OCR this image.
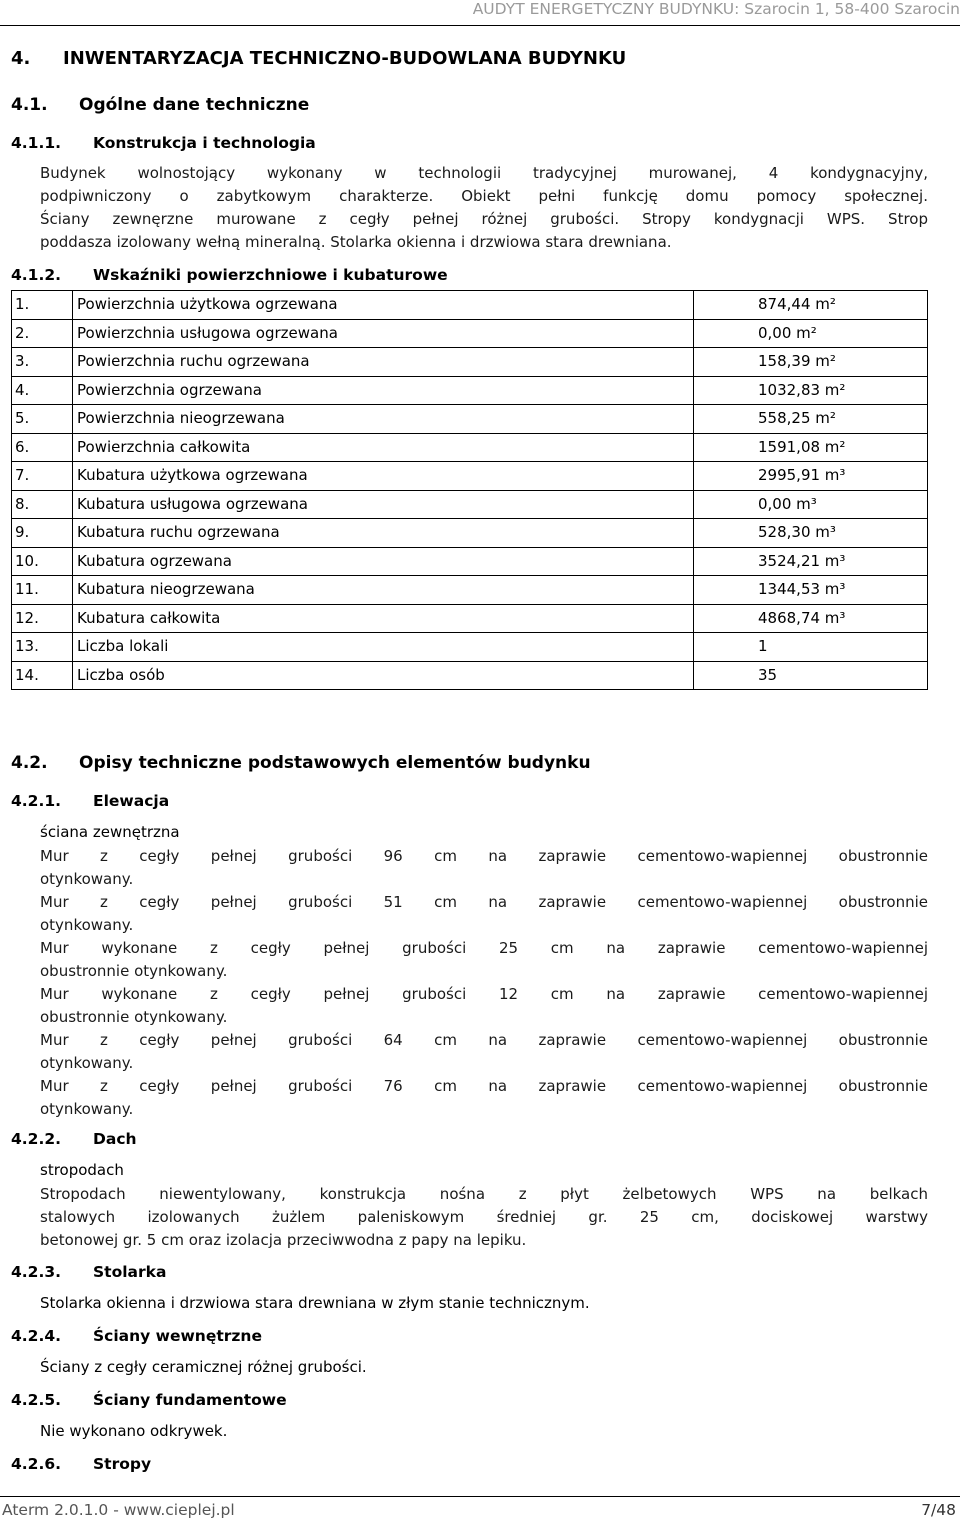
AUDYT ENERGETYCZNY BUDYNKU: Szarocin 1, 58-400 Szarocin
4. INWENTARYZACJA TECHNICZNO-BUDOWLANA BUDYNKU
4.1. Ogólne dane techniczne
4.1.1. Konstrukcja i technologia
Budynek wolnostojący wykonany w technologii tradycyjnej murowanej, 4 kondygnacyjny,
podpiwniczony o zabytkowym charakterze. Obiekt pełni funkcję domu pomocy społecznej.
Ściany zewnęrzne murowane z cegły pełnej różnej grubości. Stropy kondygnacji WPS. Strop
poddasza izolowany wełną mineralną. Stolarka okienna i drzwiowa stara drewniana.
4.1.2. Wskaźniki powierzchniowe i kubaturowe
1.	Powierzchnia użytkowa ogrzewana	874,44 m²
2.	Powierzchnia usługowa ogrzewana	0,00 m²
3.	Powierzchnia ruchu ogrzewana	158,39 m²
4.	Powierzchnia ogrzewana	1032,83 m²
5.	Powierzchnia nieogrzewana	558,25 m²
6.	Powierzchnia całkowita	1591,08 m²
7.	Kubatura użytkowa ogrzewana	2995,91 m³
8.	Kubatura usługowa ogrzewana	0,00 m³
9.	Kubatura ruchu ogrzewana	528,30 m³
10.	Kubatura ogrzewana	3524,21 m³
11.	Kubatura nieogrzewana	1344,53 m³
12.	Kubatura całkowita	4868,74 m³
13.	Liczba lokali	1
14.	Liczba osób	35
4.2. Opisy techniczne podstawowych elementów budynku
4.2.1. Elewacja
ściana zewnętrzna
Mur z cegły pełnej grubości 96 cm na zaprawie cementowo-wapiennej obustronnie
otynkowany.
Mur z cegły pełnej grubości 51 cm na zaprawie cementowo-wapiennej obustronnie
otynkowany.
Mur wykonane z cegły pełnej grubości 25 cm na zaprawie cementowo-wapiennej
obustronnie otynkowany.
Mur wykonane z cegły pełnej grubości 12 cm na zaprawie cementowo-wapiennej
obustronnie otynkowany.
Mur z cegły pełnej grubości 64 cm na zaprawie cementowo-wapiennej obustronnie
otynkowany.
Mur z cegły pełnej grubości 76 cm na zaprawie cementowo-wapiennej obustronnie
otynkowany.
4.2.2. Dach
stropodach
Stropodach niewentylowany, konstrukcja nośna z płyt żelbetowych WPS na belkach
stalowych izolowanych żużlem paleniskowym średniej gr. 25 cm, dociskowej warstwy
betonowej gr. 5 cm oraz izolacja przeciwwodna z papy na lepiku.
4.2.3. Stolarka
Stolarka okienna i drzwiowa stara drewniana w złym stanie technicznym.
4.2.4. Ściany wewnętrzne
Ściany z cegły ceramicznej różnej grubości.
4.2.5. Ściany fundamentowe
Nie wykonano odkrywek.
4.2.6. Stropy
Aterm 2.0.1.0 - www.cieplej.pl	7/48
